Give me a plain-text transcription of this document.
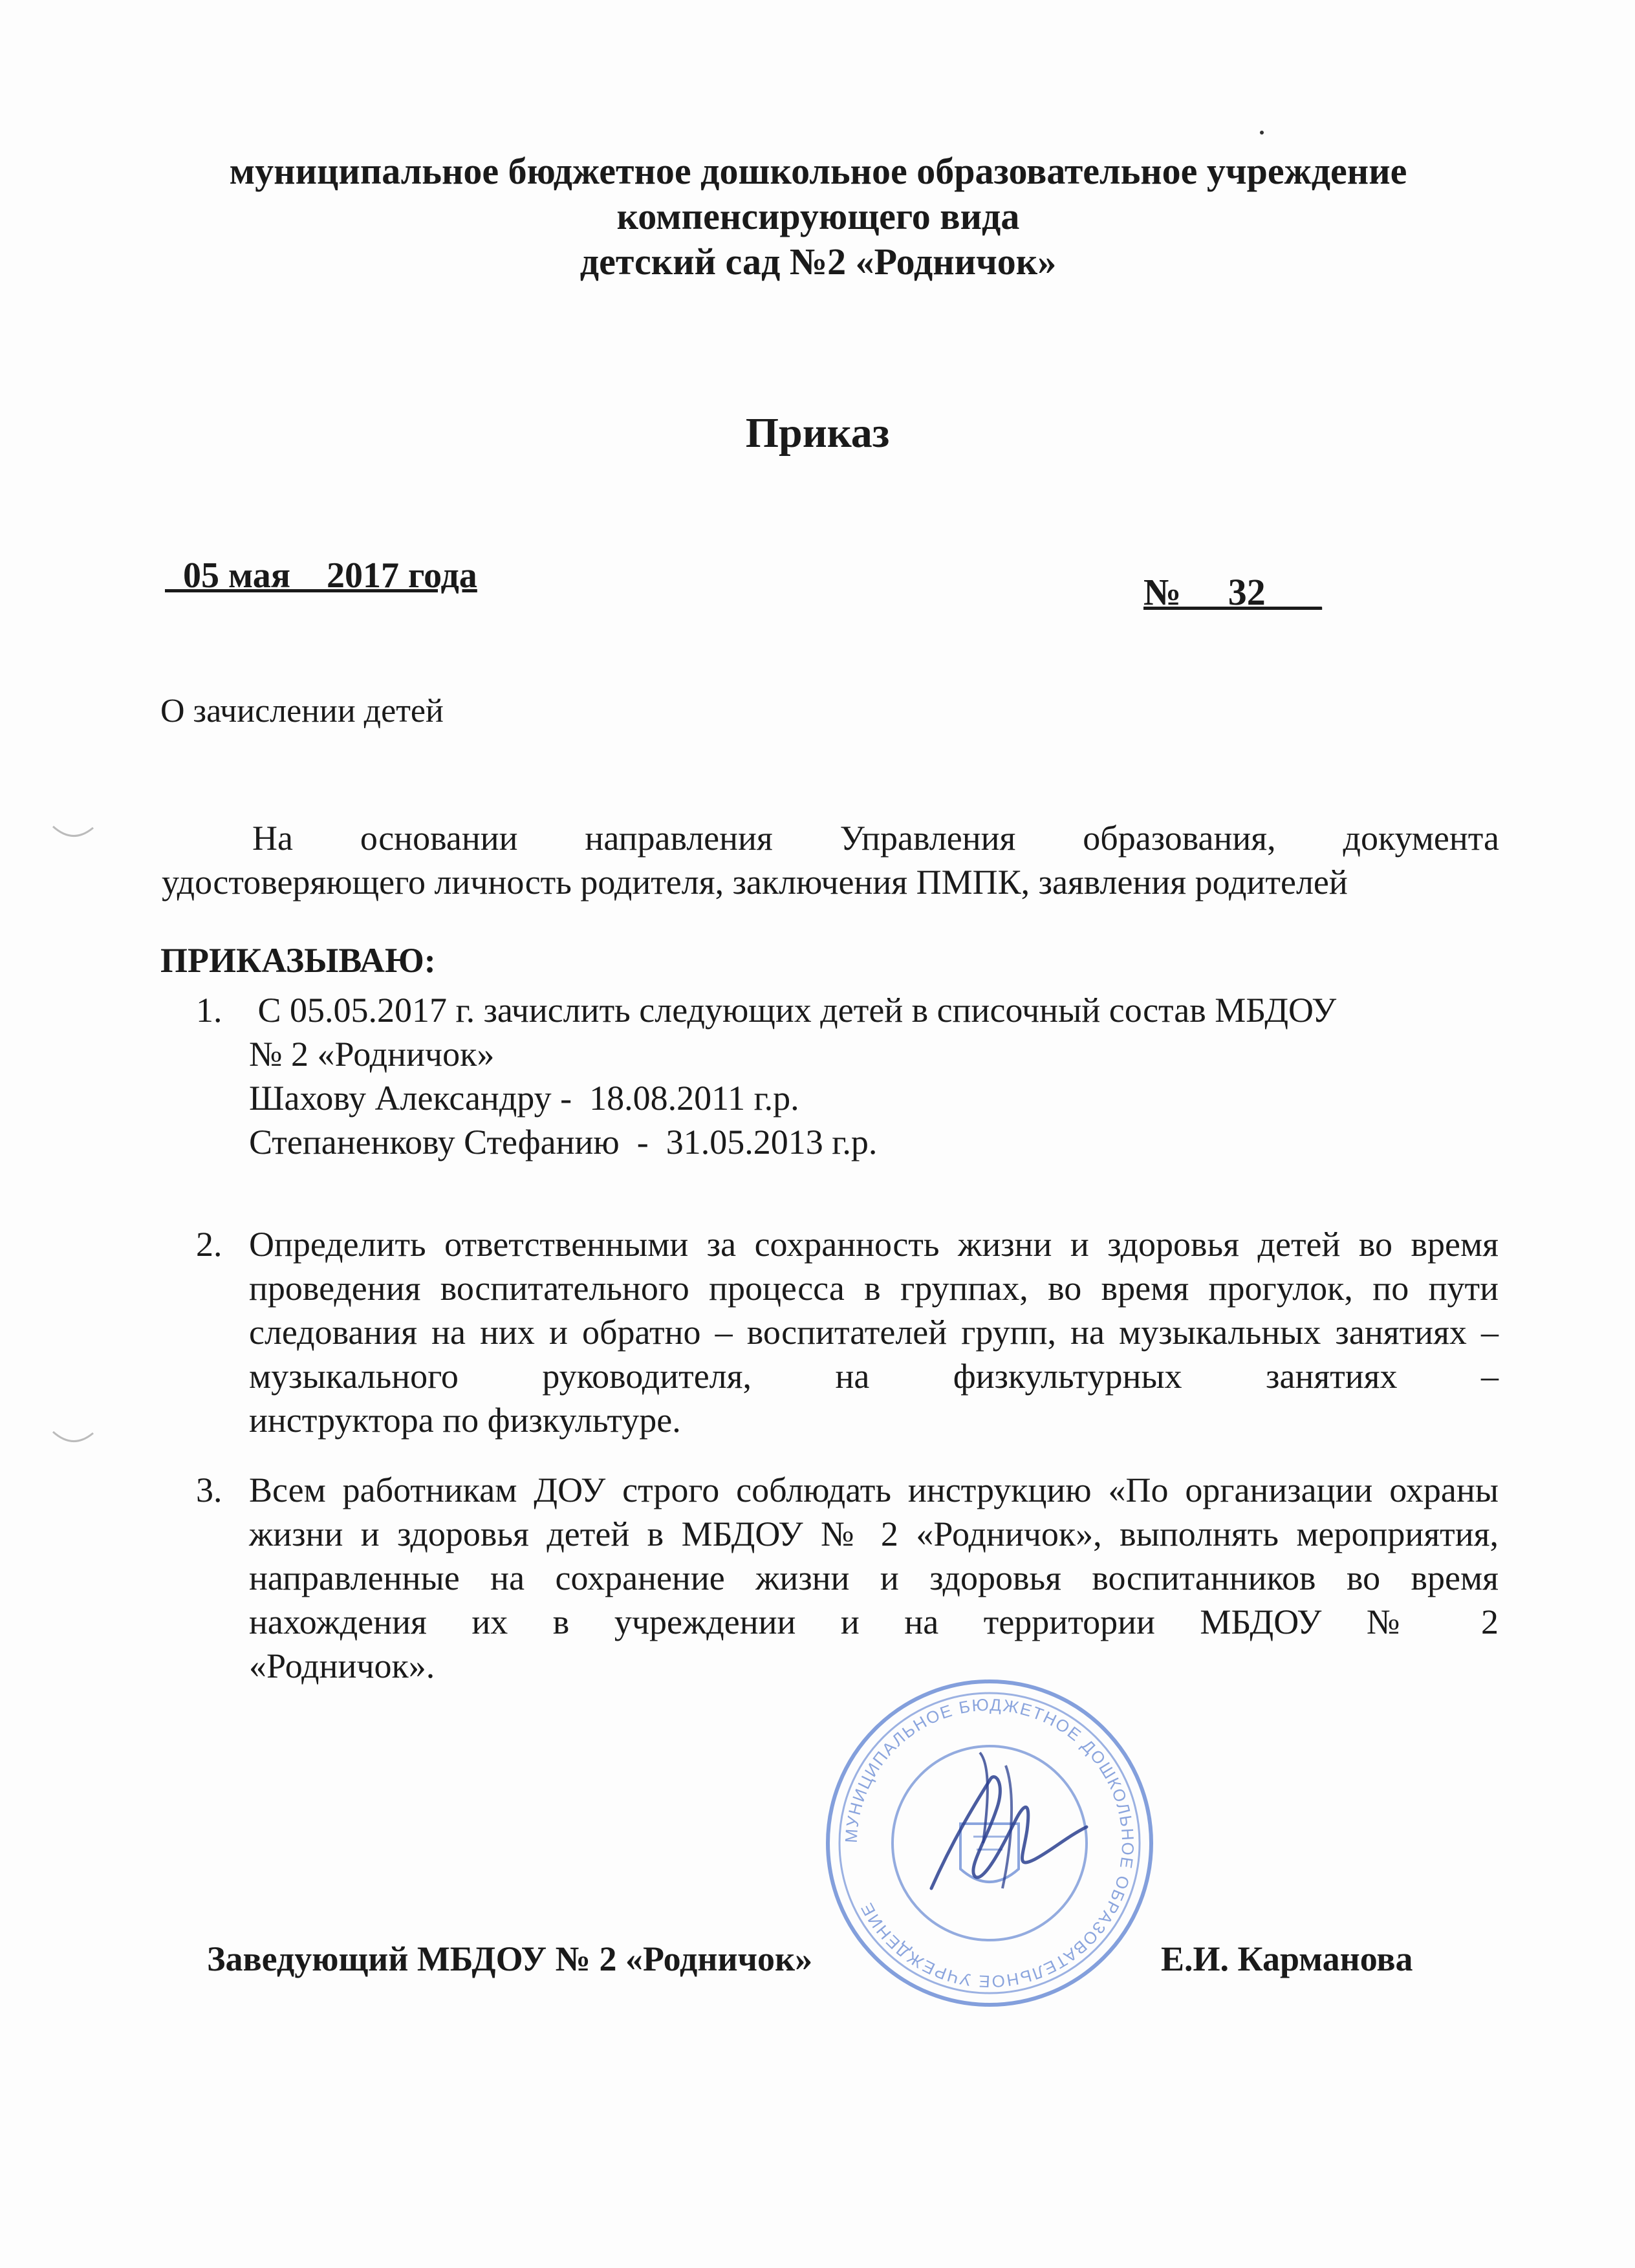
муниципальное бюджетное дошкольное образовательное учреждение
компенсирующего вида
детский сад №2 «Родничок»
Приказ
05 мая    2017 года	№ __32___
О зачислении детей
На основании направления Управления образования, документа
удостоверяющего личность родителя, заключения ПМПК, заявления родителей
ПРИКАЗЫВАЮ:
1. С 05.05.2017 г. зачислить следующих детей в списочный состав МБДОУ
№ 2 «Родничок»
Шахову Александру -  18.08.2011 г.р.
Степаненкову Стефанию  -  31.05.2013 г.р.
2. Определить ответственными за сохранность жизни и здоровья детей во время проведения воспитательного процесса в группах, во время прогулок, по пути следования на них и обратно – воспитателей групп, на музыкальных занятиях – музыкального руководителя, на физкультурных занятиях –
инструктора по физкультуре.
3. Всем работникам ДОУ строго соблюдать инструкцию «По организации охраны жизни и здоровья детей в МБДОУ № 2 «Родничок», выполнять мероприятия, направленные на сохранение жизни и здоровья воспитанников во время нахождения их в учреждении и на территории МБДОУ № 2
«Родничок».
МУНИЦИПАЛЬНОЕ БЮДЖЕТНОЕ ДОШКОЛЬНОЕ ОБРАЗОВАТЕЛЬНОЕ УЧРЕЖДЕНИЕ
Заведующий МБДОУ № 2 «Родничок»	Е.И. Карманова
